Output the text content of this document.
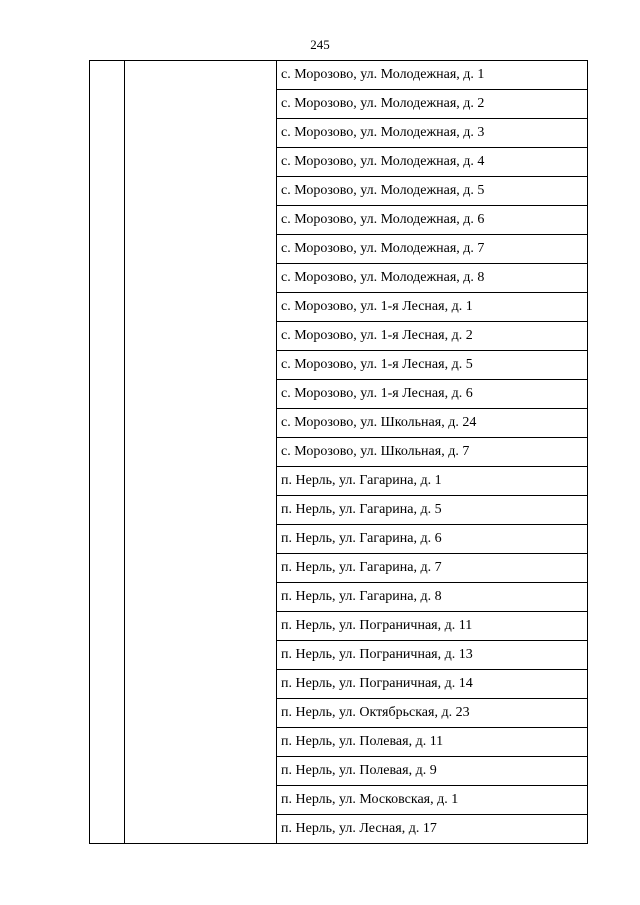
245
		с. Морозово, ул. Молодежная, д. 1
с. Морозово, ул. Молодежная, д. 2
с. Морозово, ул. Молодежная, д. 3
с. Морозово, ул. Молодежная, д. 4
с. Морозово, ул. Молодежная, д. 5
с. Морозово, ул. Молодежная, д. 6
с. Морозово, ул. Молодежная, д. 7
с. Морозово, ул. Молодежная, д. 8
с. Морозово, ул. 1-я Лесная, д. 1
с. Морозово, ул. 1-я Лесная, д. 2
с. Морозово, ул. 1-я Лесная, д. 5
с. Морозово, ул. 1-я Лесная, д. 6
с. Морозово, ул. Школьная, д. 24
с. Морозово, ул. Школьная, д. 7
п. Нерль, ул. Гагарина, д. 1
п. Нерль, ул. Гагарина, д. 5
п. Нерль, ул. Гагарина, д. 6
п. Нерль, ул. Гагарина, д. 7
п. Нерль, ул. Гагарина, д. 8
п. Нерль, ул. Пограничная, д. 11
п. Нерль, ул. Пограничная, д. 13
п. Нерль, ул. Пограничная, д. 14
п. Нерль, ул. Октябрьская, д. 23
п. Нерль, ул. Полевая, д. 11
п. Нерль, ул. Полевая, д. 9
п. Нерль, ул. Московская, д. 1
п. Нерль, ул. Лесная, д. 17
